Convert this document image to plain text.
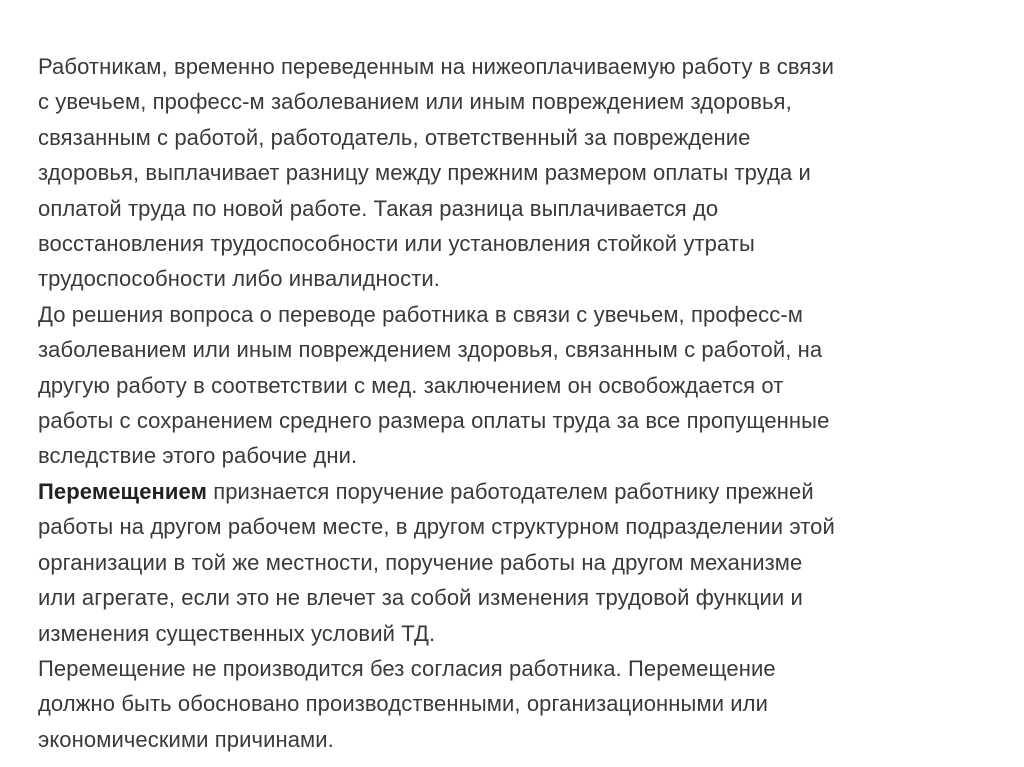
Работникам, временно переведенным на нижеоплачиваемую работу в связи
с увечьем, професс-м заболеванием или иным повреждением здоровья,
связанным с работой, работодатель, ответственный за повреждение
здоровья, выплачивает разницу между прежним размером оплаты труда и
оплатой труда по новой работе. Такая разница выплачивается до
восстановления трудоспособности или установления стойкой утраты
трудоспособности либо инвалидности.
До решения вопроса о переводе работника в связи с увечьем, професс-м
заболеванием или иным повреждением здоровья, связанным с работой, на
другую работу в соответствии с мед. заключением он освобождается от
работы с сохранением среднего размера оплаты труда за все пропущенные
вследствие этого рабочие дни.
Перемещением признается поручение работодателем работнику прежней
работы на другом рабочем месте, в другом структурном подразделении этой
организации в той же местности, поручение работы на другом механизме
или агрегате, если это не влечет за собой изменения трудовой функции и
изменения существенных условий ТД.
Перемещение не производится без согласия работника. Перемещение
должно быть обосновано производственными, организационными или
экономическими причинами.
